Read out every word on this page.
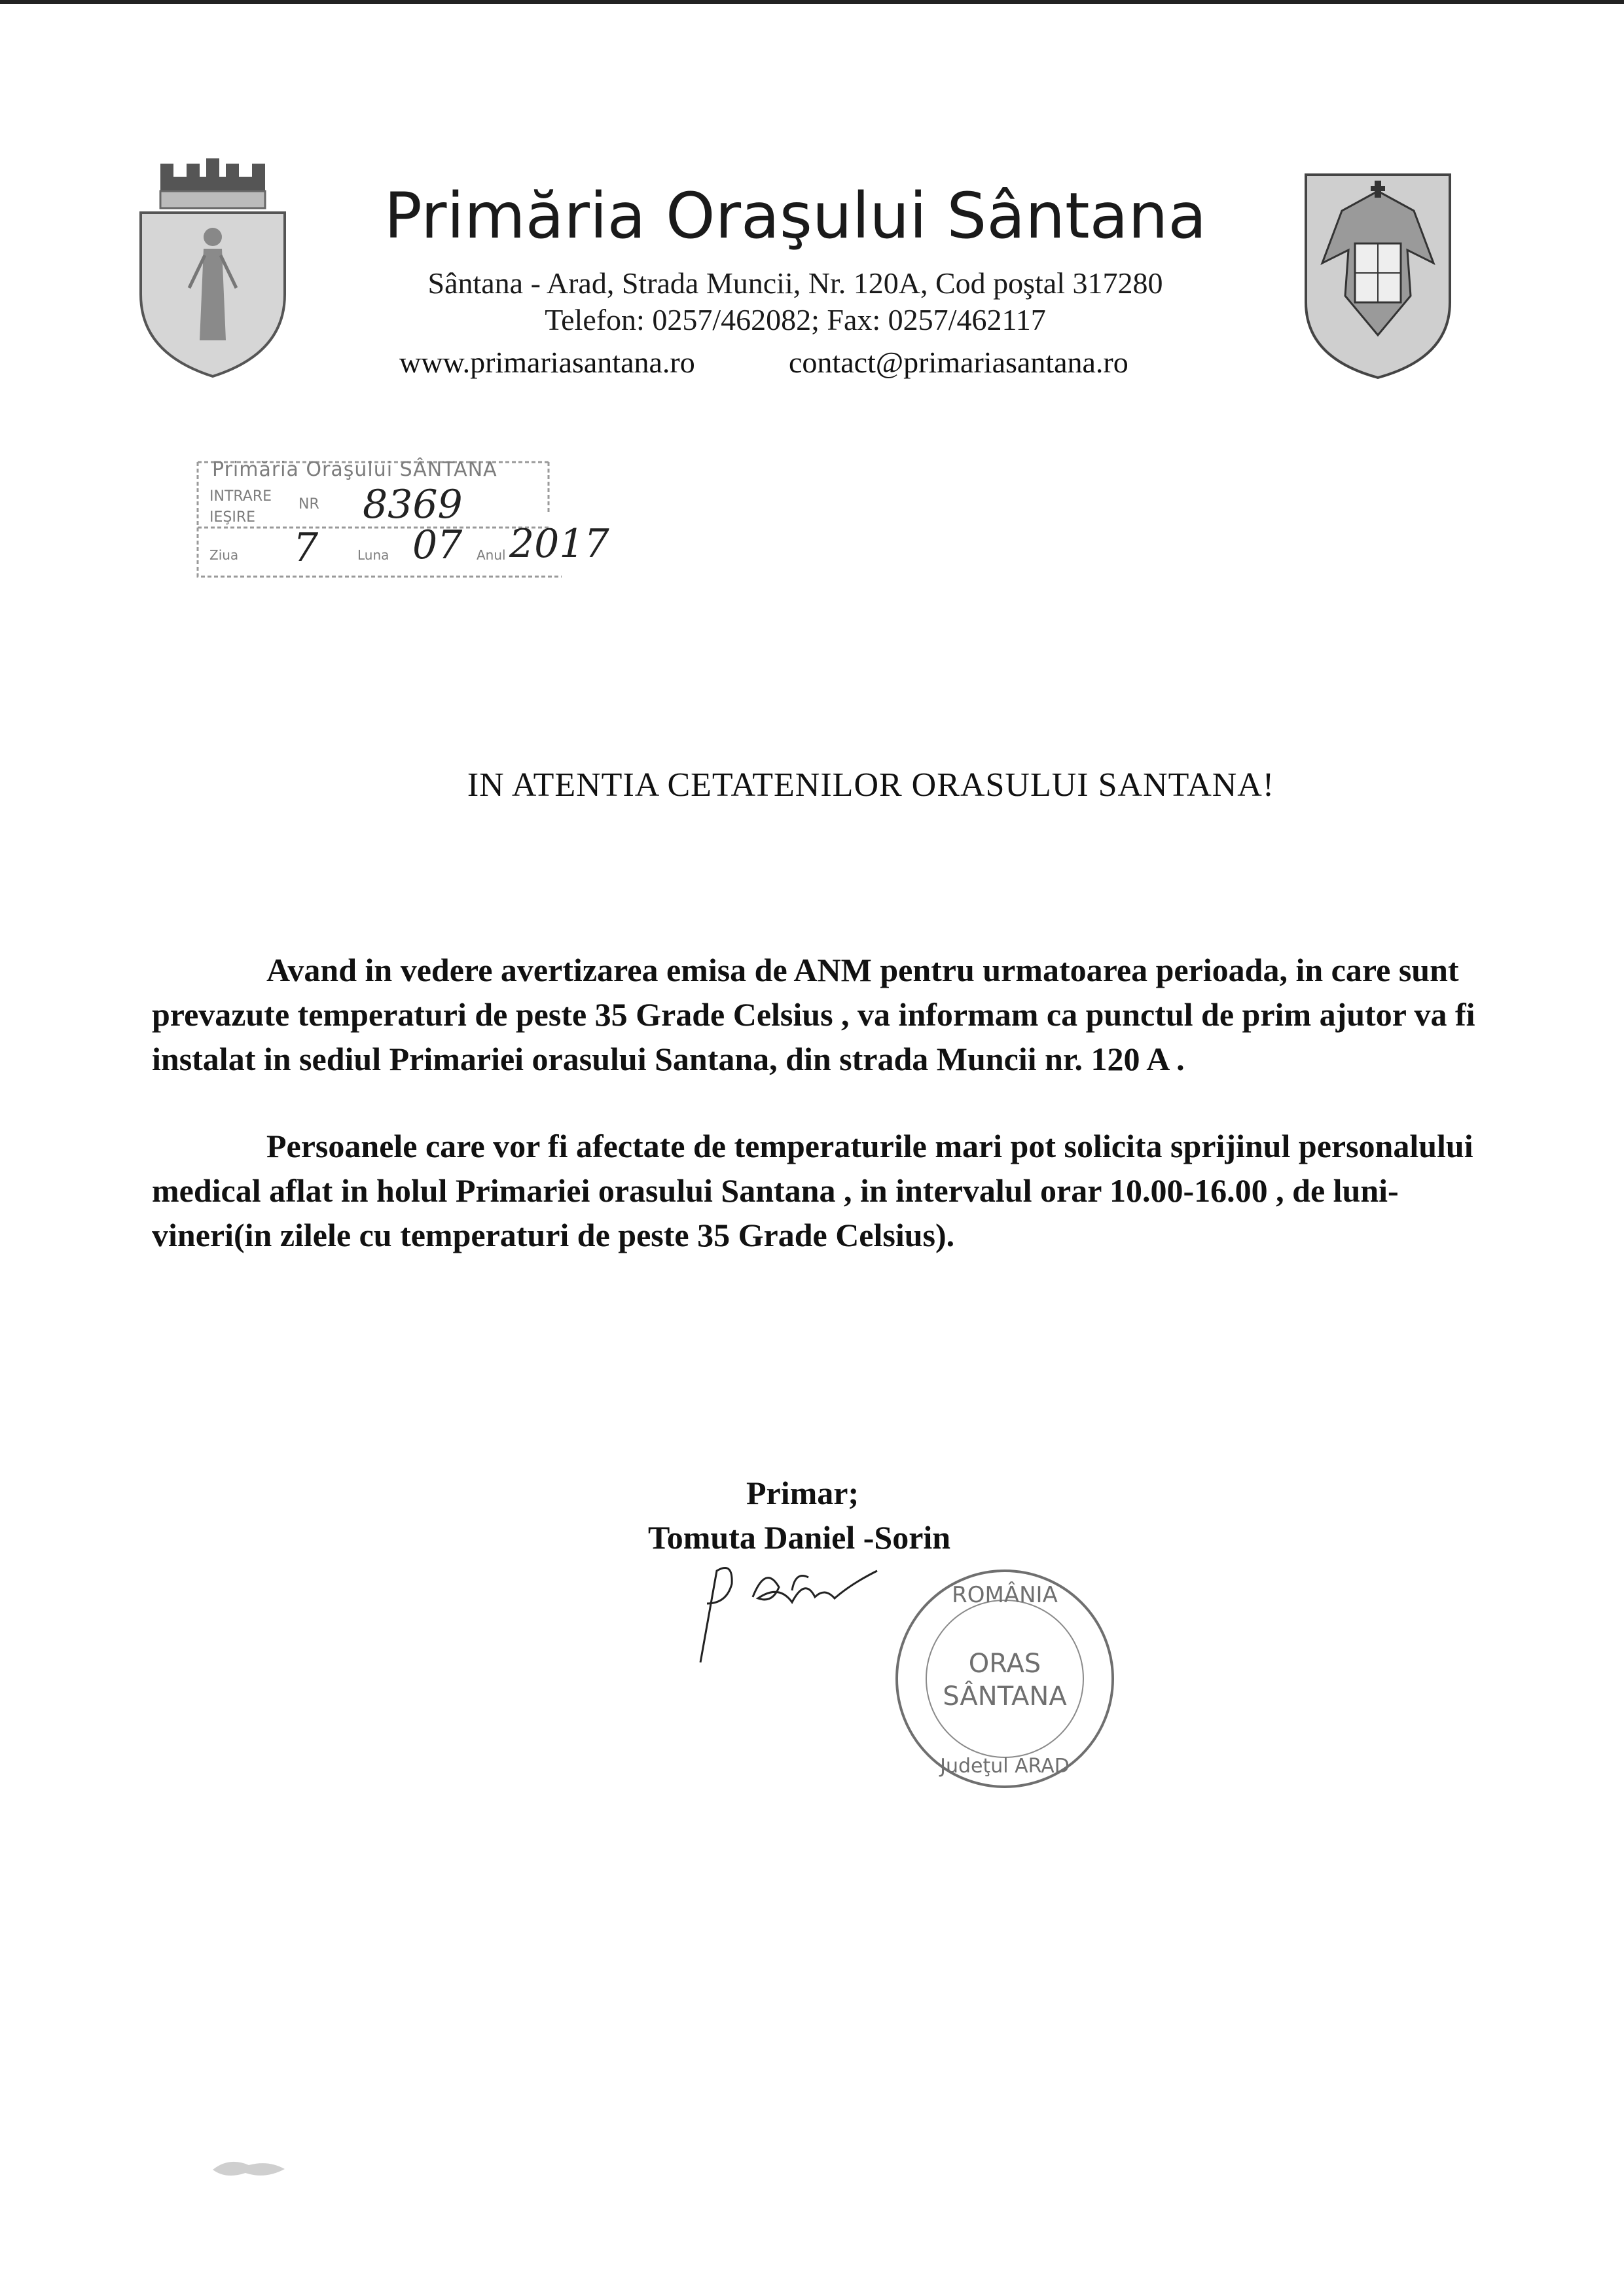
Primăria Oraşului Sântana
Sântana - Arad, Strada Muncii, Nr. 120A, Cod poştal 317280
Telefon: 0257/462082; Fax: 0257/462117
www.primariasantana.ro	contact@primariasantana.ro
Primăria Oraşului SÂNTANA
INTRARE
IEŞIRE
NR 8369
Ziua 7	Luna 07 Anul 2017
IN ATENTIA CETATENILOR ORASULUI SANTANA!
Avand in vedere avertizarea emisa de ANM pentru urmatoarea perioada, in care sunt prevazute temperaturi de peste 35 Grade Celsius , va informam ca punctul de prim ajutor va fi instalat in sediul Primariei orasului Santana, din strada Muncii nr. 120 A .
Persoanele care vor fi afectate de temperaturile mari pot solicita sprijinul personalului medical aflat in holul Primariei orasului Santana , in intervalul orar 10.00-16.00 , de luni-vineri(in zilele cu temperaturi de peste 35 Grade Celsius).
Primar;
Tomuta Daniel -Sorin
ROMÂNIA
ORAS
SÂNTANA
Judeţul ARAD
